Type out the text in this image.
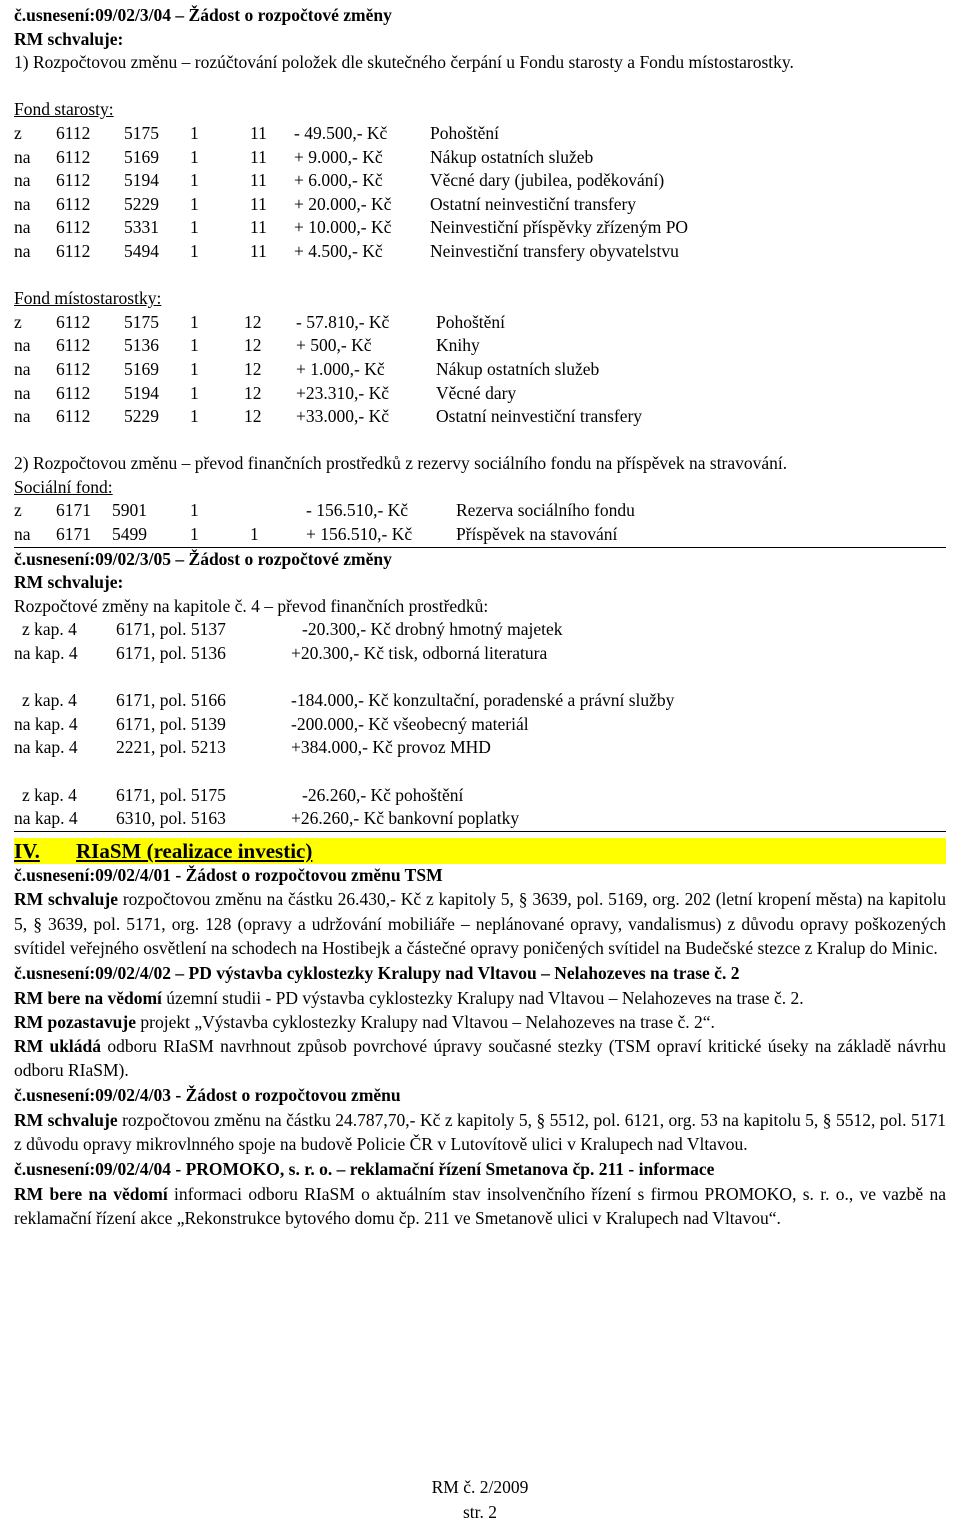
č.usnesení:09/02/3/04 – Žádost o rozpočtové změny
RM schvaluje:
1) Rozpočtovou změnu – rozúčtování položek dle skutečného čerpání u Fondu starosty a Fondu místostarostky.
Fond starosty:
z 6112 5175 1	11 - 49.500,- Kč Pohoštění
na 6112 5169 1	11 + 9.000,- Kč	Nákup ostatních služeb
na 6112 5194 1	11 + 6.000,- Kč	Věcné dary (jubilea, poděkování)
na 6112 5229 1	11 + 20.000,- Kč Ostatní neinvestiční transfery
na 6112 5331 1	11 + 10.000,- Kč Neinvestiční příspěvky zřízeným PO
na 6112 5494 1	11 + 4.500,- Kč	Neinvestiční transfery obyvatelstvu
Fond místostarostky:
z 6112 5175 1	12 - 57.810,- Kč	Pohoštění
na 6112 5136 1	12 + 500,- Kč	Knihy
na 6112 5169 1	12 + 1.000,- Kč	Nákup ostatních služeb
na 6112 5194 1	12 +23.310,- Kč	Věcné dary
na 6112 5229 1	12 +33.000,- Kč	Ostatní neinvestiční transfery
2) Rozpočtovou změnu – převod finančních prostředků z rezervy sociálního fondu na příspěvek na stravování.
Sociální fond:
z 6171 5901 1	- 156.510,- Kč	Rezerva sociálního fondu
na 6171 5499 1	1	+ 156.510,- Kč	Příspěvek na stavování
č.usnesení:09/02/3/05 – Žádost o rozpočtové změny
RM schvaluje:
Rozpočtové změny na kapitole č. 4 – převod finančních prostředků:
z kap. 4 6171, pol. 5137	-20.300,- Kč drobný hmotný majetek
na kap. 4 6171, pol. 5136	+20.300,- Kč tisk, odborná literatura
z kap. 4 6171, pol. 5166	-184.000,- Kč konzultační, poradenské a právní služby
na kap. 4 6171, pol. 5139	-200.000,- Kč všeobecný materiál
na kap. 4 2221, pol. 5213	+384.000,- Kč provoz MHD
z kap. 4 6171, pol. 5175	-26.260,- Kč pohoštění
na kap. 4 6310, pol. 5163	+26.260,- Kč bankovní poplatky
IV. RIaSM (realizace investic)
č.usnesení:09/02/4/01 - Žádost o rozpočtovou změnu TSM
RM schvaluje rozpočtovou změnu na částku 26.430,- Kč z kapitoly 5, § 3639, pol. 5169, org. 202 (letní kropení města) na kapitolu 5, § 3639, pol. 5171, org. 128 (opravy a udržování mobiliáře – neplánované opravy, vandalismus) z důvodu opravy poškozených svítidel veřejného osvětlení na schodech na Hostibejk a částečné opravy poničených svítidel na Budečské stezce z Kralup do Minic.
č.usnesení:09/02/4/02 – PD výstavba cyklostezky Kralupy nad Vltavou – Nelahozeves na trase č. 2
RM bere na vědomí územní studii - PD výstavba cyklostezky Kralupy nad Vltavou – Nelahozeves na trase č. 2.
RM pozastavuje projekt „Výstavba cyklostezky Kralupy nad Vltavou – Nelahozeves na trase č. 2“.
RM ukládá odboru RIaSM navrhnout způsob povrchové úpravy současné stezky (TSM opraví kritické úseky na základě návrhu odboru RIaSM).
č.usnesení:09/02/4/03 - Žádost o rozpočtovou změnu
RM schvaluje rozpočtovou změnu na částku 24.787,70,- Kč z kapitoly 5, § 5512, pol. 6121, org. 53 na kapitolu 5, § 5512, pol. 5171 z důvodu opravy mikrovlnného spoje na budově Policie ČR v Lutovítově ulici v Kralupech nad Vltavou.
č.usnesení:09/02/4/04 - PROMOKO, s. r. o. – reklamační řízení Smetanova čp. 211 - informace
RM bere na vědomí informaci odboru RIaSM o aktuálním stav insolvenčního řízení s firmou PROMOKO, s. r. o., ve vazbě na reklamační řízení akce „Rekonstrukce bytového domu čp. 211 ve Smetanově ulici v Kralupech nad Vltavou“.
RM č. 2/2009
str. 2
